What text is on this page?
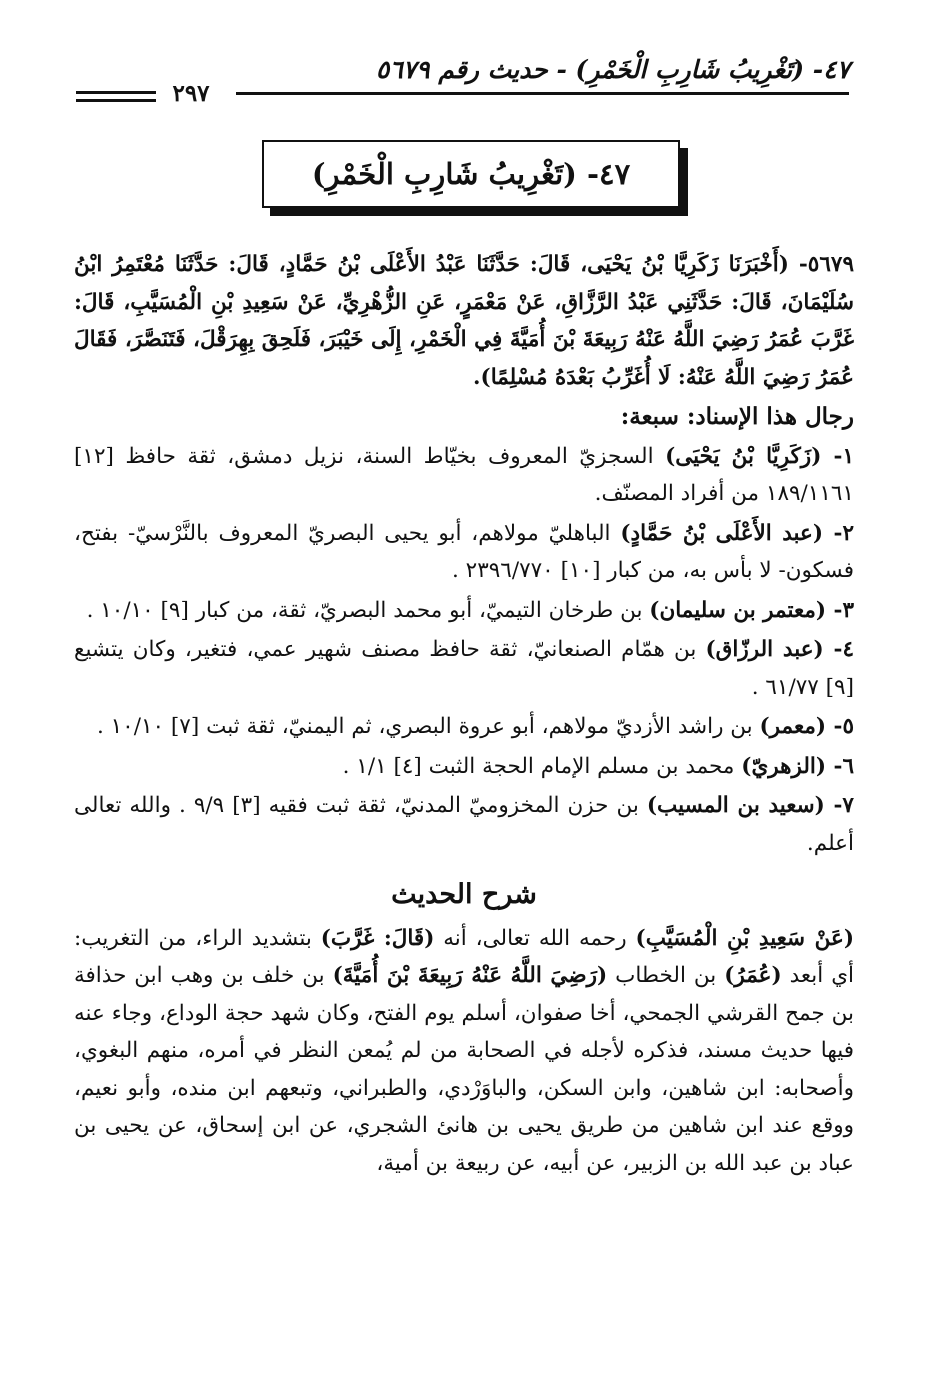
٤٧- (تَغْرِيبُ شَارِبِ الْخَمْرِ) - حديث رقم ٥٦٧٩
٢٩٧
٤٧- (تَغْرِيبُ شَارِبِ الْخَمْرِ)

٥٦٧٩- (أَخْبَرَنَا زَكَرِيَّا بْنُ يَحْيَى، قَالَ: حَدَّثَنَا عَبْدُ الأَعْلَى بْنُ حَمَّادٍ، قَالَ: حَدَّثَنَا مُعْتَمِرُ ابْنُ سُلَيْمَانَ، قَالَ: حَدَّثَنِي عَبْدُ الرَّزَّاقِ، عَنْ مَعْمَرٍ، عَنِ الزُّهْرِيِّ، عَنْ سَعِيدِ بْنِ الْمُسَيَّبِ، قَالَ: غَرَّبَ عُمَرُ رَضِيَ اللَّهُ عَنْهُ رَبِيعَةَ بْنَ أُمَيَّةَ فِي الْخَمْرِ، إِلَى خَيْبَرَ، فَلَحِقَ بِهِرَقْلَ، فَتَنَصَّرَ، فَقَالَ عُمَرُ رَضِيَ اللَّهُ عَنْهُ: لَا أُغَرِّبُ بَعْدَهُ مُسْلِمًا).

رجال هذا الإسناد: سبعة:

١- (زَكَرِيَّا بْنُ يَحْيَى) السجزيّ المعروف بخيّاط السنة، نزيل دمشق، ثقة حافظ [١٢] ١٨٩/١١٦١ من أفراد المصنّف.

٢- (عبد الأَعْلَى بْنُ حَمَّادٍ) الباهليّ مولاهم، أبو يحيى البصريّ المعروف بالنَّرْسيّ- بفتح، فسكون- لا بأس به، من كبار [١٠] ٢٣٩٦/٧٧٠ .

٣- (معتمر بن سليمان) بن طرخان التيميّ، أبو محمد البصريّ، ثقة، من كبار [٩] ١٠/١٠ .

٤- (عبد الرزّاق) بن همّام الصنعانيّ، ثقة حافظ مصنف شهير عمي، فتغير، وكان يتشيع [٩] ٦١/٧٧ .

٥- (معمر) بن راشد الأزديّ مولاهم، أبو عروة البصري، ثم اليمنيّ، ثقة ثبت [٧] ١٠/١٠ .

٦- (الزهريّ) محمد بن مسلم الإمام الحجة الثبت [٤] ١/١ .

٧- (سعيد بن المسيب) بن حزن المخزوميّ المدنيّ، ثقة ثبت فقيه [٣] ٩/٩ . والله تعالى أعلم.

شرح الحديث

(عَنْ سَعِيدِ بْنِ الْمُسَيَّبِ) رحمه الله تعالى، أنه (قَالَ: غَرَّبَ) بتشديد الراء، من التغريب: أي أبعد (عُمَرُ) بن الخطاب (رَضِيَ اللَّهُ عَنْهُ رَبِيعَةَ بْنَ أُمَيَّةَ) بن خلف بن وهب ابن حذافة بن جمح القرشي الجمحي، أخا صفوان، أسلم يوم الفتح، وكان شهد حجة الوداع، وجاء عنه فيها حديث مسند، فذكره لأجله في الصحابة من لم يُمعن النظر في أمره، منهم البغوي، وأصحابه: ابن شاهين، وابن السكن، والباوَرْدي، والطبراني، وتبعهم ابن منده، وأبو نعيم، ووقع عند ابن شاهين من طريق يحيى بن هانئ الشجري، عن ابن إسحاق، عن يحيى بن عباد بن عبد الله بن الزبير، عن أبيه، عن ربيعة بن أمية،
